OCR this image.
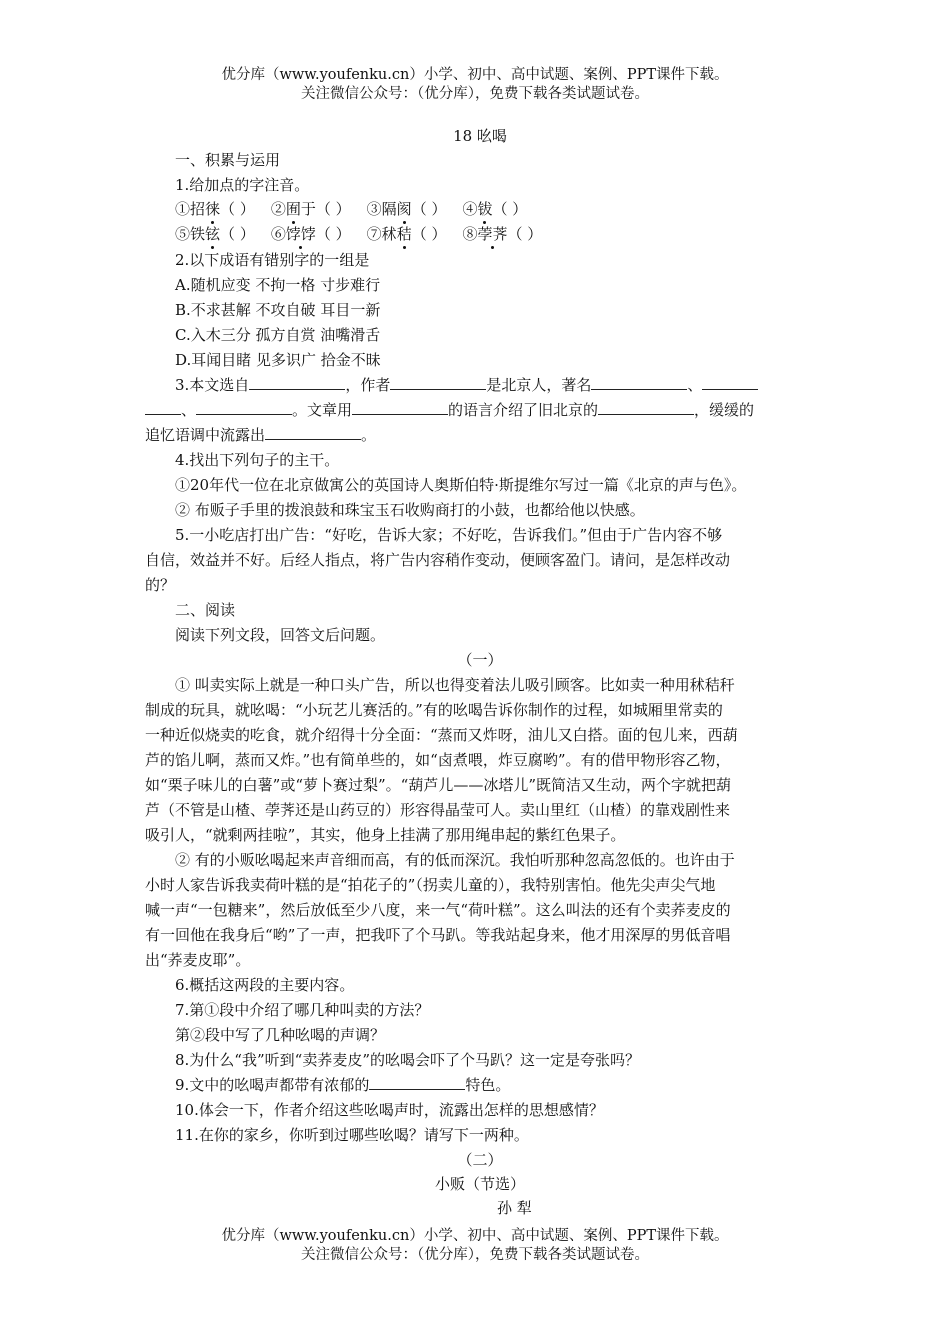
优分库（www.youfenku.cn）小学、初中、高中试题、案例、PPT课件下载。
关注微信公众号：（优分库），免费下载各类试题试卷。
18 吆喝
一、积累与运用
1.给加点的字注音。
①招徕（ ） ②囿于（ ） ③隔阂（ ） ④钹（ ）
⑤铁铉（ ） ⑥饽饽（ ） ⑦秫秸（ ） ⑧荸荠（ ）
2.以下成语有错别字的一组是
A.随机应变 不拘一格 寸步难行
B.不求甚解 不攻自破 耳目一新
C.入木三分 孤方自赏 油嘴滑舌
D.耳闻目睹 见多识广 拾金不昧
3.本文选自	，作者	是北京人，著名	、
、	。文章用	的语言介绍了旧北京的	，缓缓的
追忆语调中流露出	。
4.找出下列句子的主干。
①20年代一位在北京做寓公的英国诗人奥斯伯特·斯提维尔写过一篇《北京的声与色》。
② 布贩子手里的拨浪鼓和珠宝玉石收购商打的小鼓，也都给他以快感。
5.一小吃店打出广告：“好吃，告诉大家；不好吃，告诉我们。”但由于广告内容不够
自信，效益并不好。后经人指点，将广告内容稍作变动，便顾客盈门。请问，是怎样改动
的？
二、阅读
阅读下列文段，回答文后问题。
（一）
① 叫卖实际上就是一种口头广告，所以也得变着法儿吸引顾客。比如卖一种用秫秸秆
制成的玩具，就吆喝：“小玩艺儿赛活的。”有的吆喝告诉你制作的过程，如城厢里常卖的
一种近似烧卖的吃食，就介绍得十分全面：“蒸而又炸呀，油儿又白搭。面的包儿来，西葫
芦的馅儿啊，蒸而又炸。”也有简单些的，如“卤煮喂，炸豆腐哟”。有的借甲物形容乙物，
如“栗子味儿的白薯”或“萝卜赛过梨”。“葫芦儿——冰塔儿”既简洁又生动，两个字就把葫
芦（不管是山楂、荸荠还是山药豆的）形容得晶莹可人。卖山里红（山楂）的靠戏剧性来
吸引人，“就剩两挂啦”，其实，他身上挂满了那用绳串起的紫红色果子。
② 有的小贩吆喝起来声音细而高，有的低而深沉。我怕听那种忽高忽低的。也许由于
小时人家告诉我卖荷叶糕的是“拍花子的”（拐卖儿童的），我特别害怕。他先尖声尖气地
喊一声“一包糖来”，然后放低至少八度，来一气“荷叶糕”。这么叫法的还有个卖荞麦皮的
有一回他在我身后“哟”了一声，把我吓了个马趴。等我站起身来，他才用深厚的男低音唱
出“荞麦皮耶”。
6.概括这两段的主要内容。
7.第①段中介绍了哪几种叫卖的方法？
第②段中写了几种吆喝的声调？
8.为什么“我”听到“卖荞麦皮”的吆喝会吓了个马趴？这一定是夸张吗？
9.文中的吆喝声都带有浓郁的	特色。
10.体会一下，作者介绍这些吆喝声时，流露出怎样的思想感情？
11.在你的家乡，你听到过哪些吆喝？请写下一两种。
（二）
小贩（节选）
孙 犁
优分库（www.youfenku.cn）小学、初中、高中试题、案例、PPT课件下载。
关注微信公众号：（优分库），免费下载各类试题试卷。
